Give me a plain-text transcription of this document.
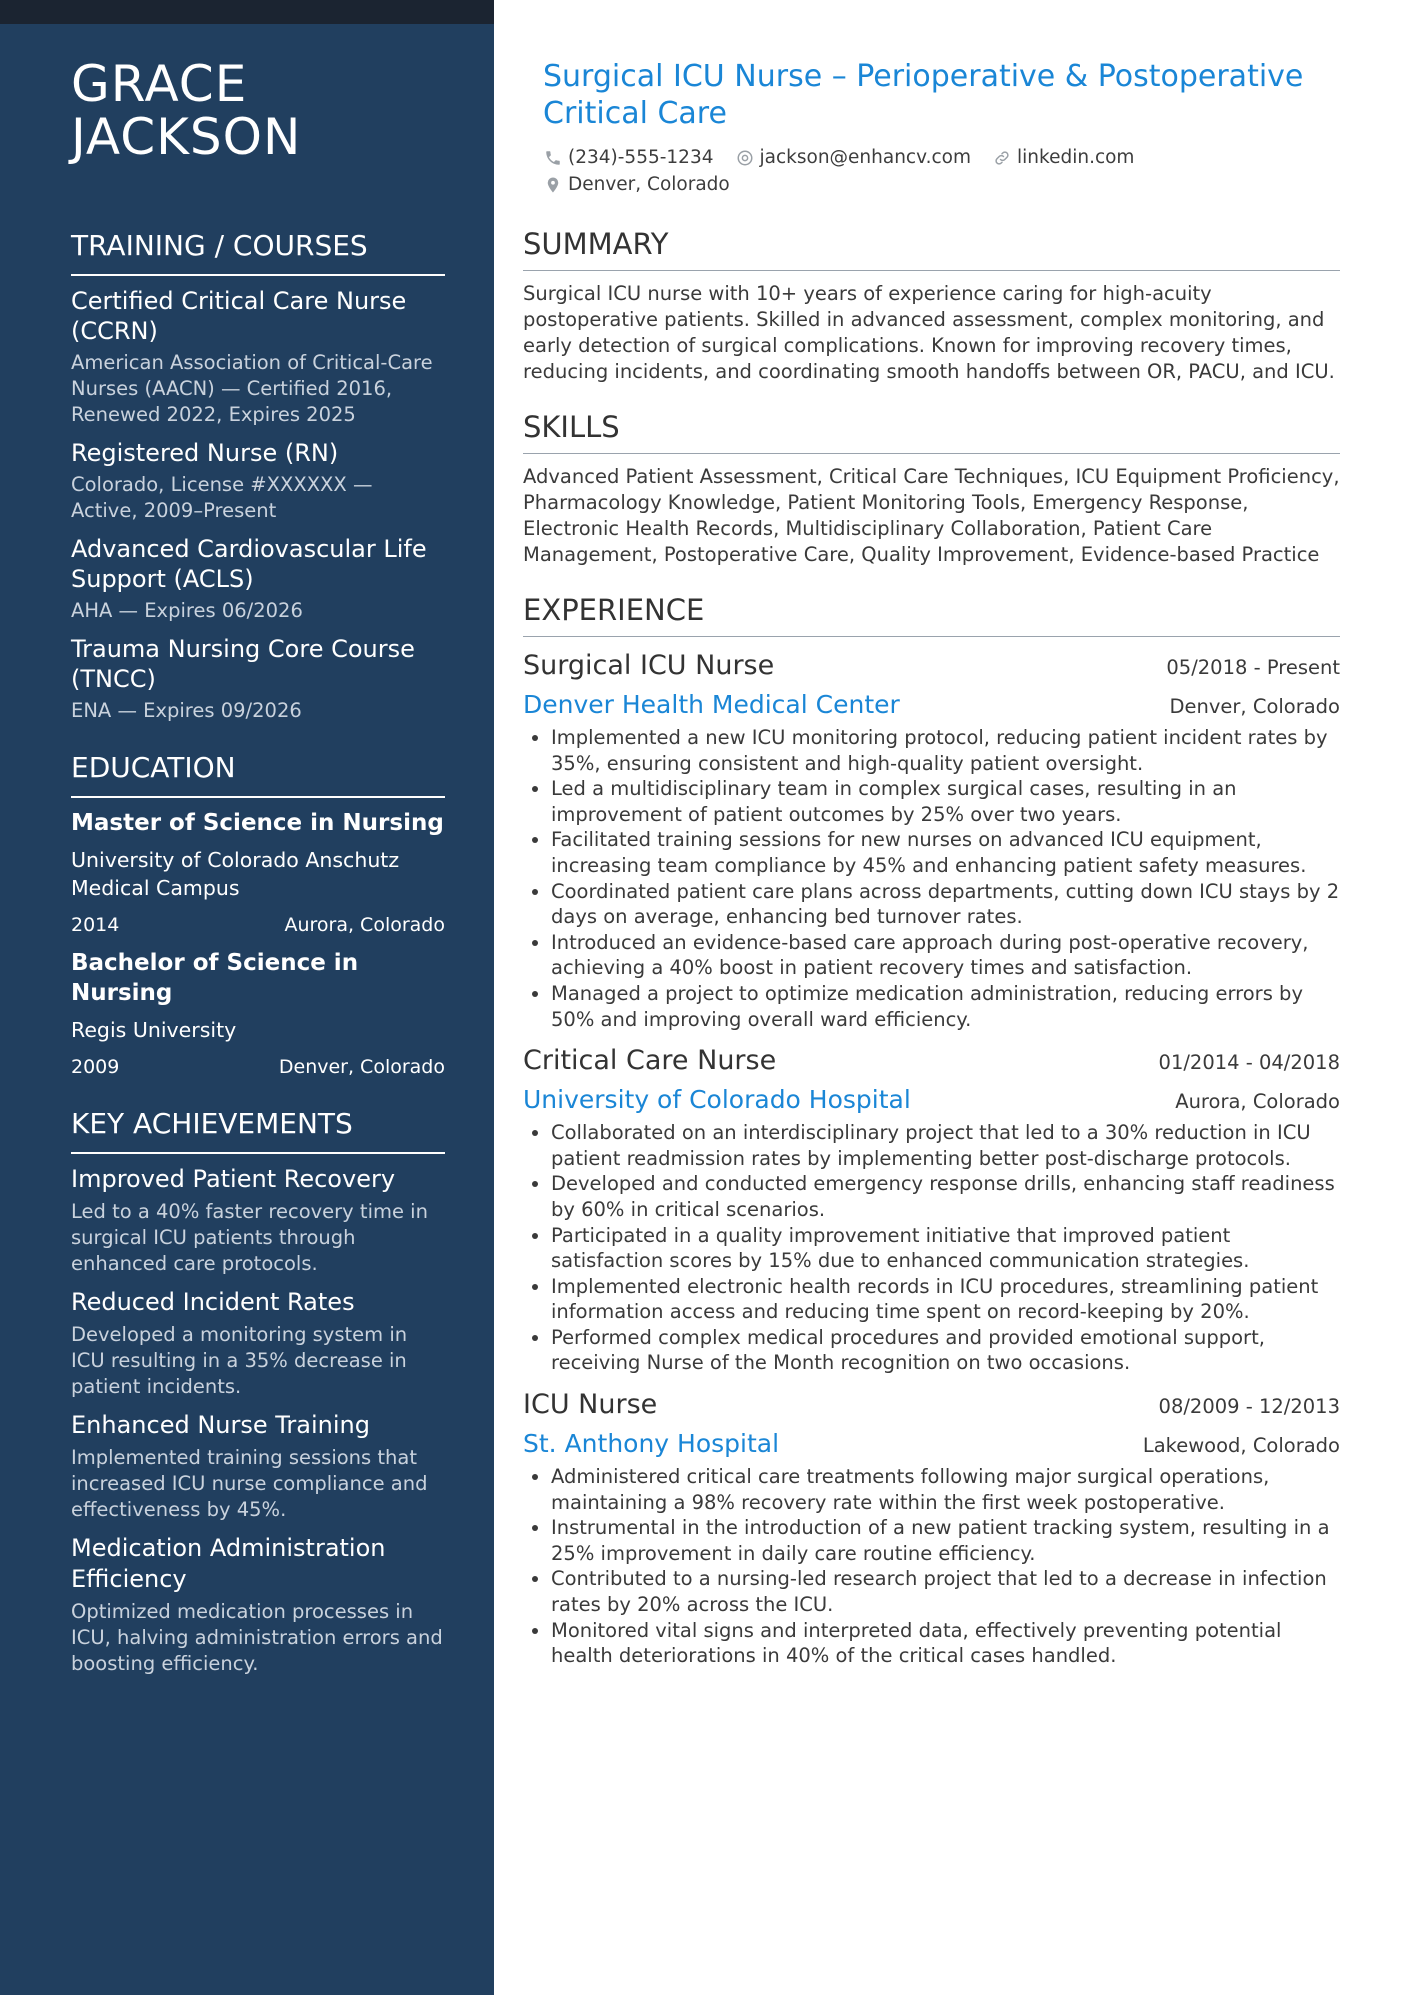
GRACE
JACKSON
TRAINING / COURSES
Certified Critical Care Nurse (CCRN)
American Association of Critical-Care Nurses (AACN) — Certified 2016, Renewed 2022, Expires 2025
Registered Nurse (RN)
Colorado, License #XXXXXX — Active, 2009–Present
Advanced Cardiovascular Life Support (ACLS)
AHA — Expires 06/2026
Trauma Nursing Core Course (TNCC)
ENA — Expires 09/2026
EDUCATION
Master of Science in Nursing
University of Colorado Anschutz Medical Campus
2014	Aurora, Colorado
Bachelor of Science in Nursing
Regis University
2009	Denver, Colorado
KEY ACHIEVEMENTS
Improved Patient Recovery
Led to a 40% faster recovery time in surgical ICU patients through enhanced care protocols.
Reduced Incident Rates
Developed a monitoring system in ICU resulting in a 35% decrease in patient incidents.
Enhanced Nurse Training
Implemented training sessions that increased ICU nurse compliance and effectiveness by 45%.
Medication Administration Efficiency
Optimized medication processes in ICU, halving administration errors and boosting efficiency.
Surgical ICU Nurse – Perioperative & Postoperative Critical Care
(234)-555-1234 jackson@enhancv.com linkedin.com
Denver, Colorado
SUMMARY

Surgical ICU nurse with 10+ years of experience caring for high-acuity postoperative patients. Skilled in advanced assessment, complex monitoring, and early detection of surgical complications. Known for improving recovery times, reducing incidents, and coordinating smooth handoffs between OR, PACU, and ICU.

SKILLS

Advanced Patient Assessment, Critical Care Techniques, ICU Equipment Proficiency, Pharmacology Knowledge, Patient Monitoring Tools, Emergency Response, Electronic Health Records, Multidisciplinary Collaboration, Patient Care Management, Postoperative Care, Quality Improvement, Evidence-based Practice

EXPERIENCE
Surgical ICU Nurse	05/2018 - Present
Denver Health Medical Center	Denver, Colorado
• Implemented a new ICU monitoring protocol, reducing patient incident rates by 35%, ensuring consistent and high-quality patient oversight.
• Led a multidisciplinary team in complex surgical cases, resulting in an improvement of patient outcomes by 25% over two years.
• Facilitated training sessions for new nurses on advanced ICU equipment, increasing team compliance by 45% and enhancing patient safety measures.
• Coordinated patient care plans across departments, cutting down ICU stays by 2 days on average, enhancing bed turnover rates.
• Introduced an evidence-based care approach during post-operative recovery, achieving a 40% boost in patient recovery times and satisfaction.
• Managed a project to optimize medication administration, reducing errors by 50% and improving overall ward efficiency.
Critical Care Nurse	01/2014 - 04/2018
University of Colorado Hospital	Aurora, Colorado
• Collaborated on an interdisciplinary project that led to a 30% reduction in ICU patient readmission rates by implementing better post-discharge protocols.
• Developed and conducted emergency response drills, enhancing staff readiness by 60% in critical scenarios.
• Participated in a quality improvement initiative that improved patient satisfaction scores by 15% due to enhanced communication strategies.
• Implemented electronic health records in ICU procedures, streamlining patient information access and reducing time spent on record-keeping by 20%.
• Performed complex medical procedures and provided emotional support, receiving Nurse of the Month recognition on two occasions.
ICU Nurse	08/2009 - 12/2013
St. Anthony Hospital	Lakewood, Colorado
• Administered critical care treatments following major surgical operations, maintaining a 98% recovery rate within the first week postoperative.
• Instrumental in the introduction of a new patient tracking system, resulting in a 25% improvement in daily care routine efficiency.
• Contributed to a nursing-led research project that led to a decrease in infection rates by 20% across the ICU.
• Monitored vital signs and interpreted data, effectively preventing potential health deteriorations in 40% of the critical cases handled.
